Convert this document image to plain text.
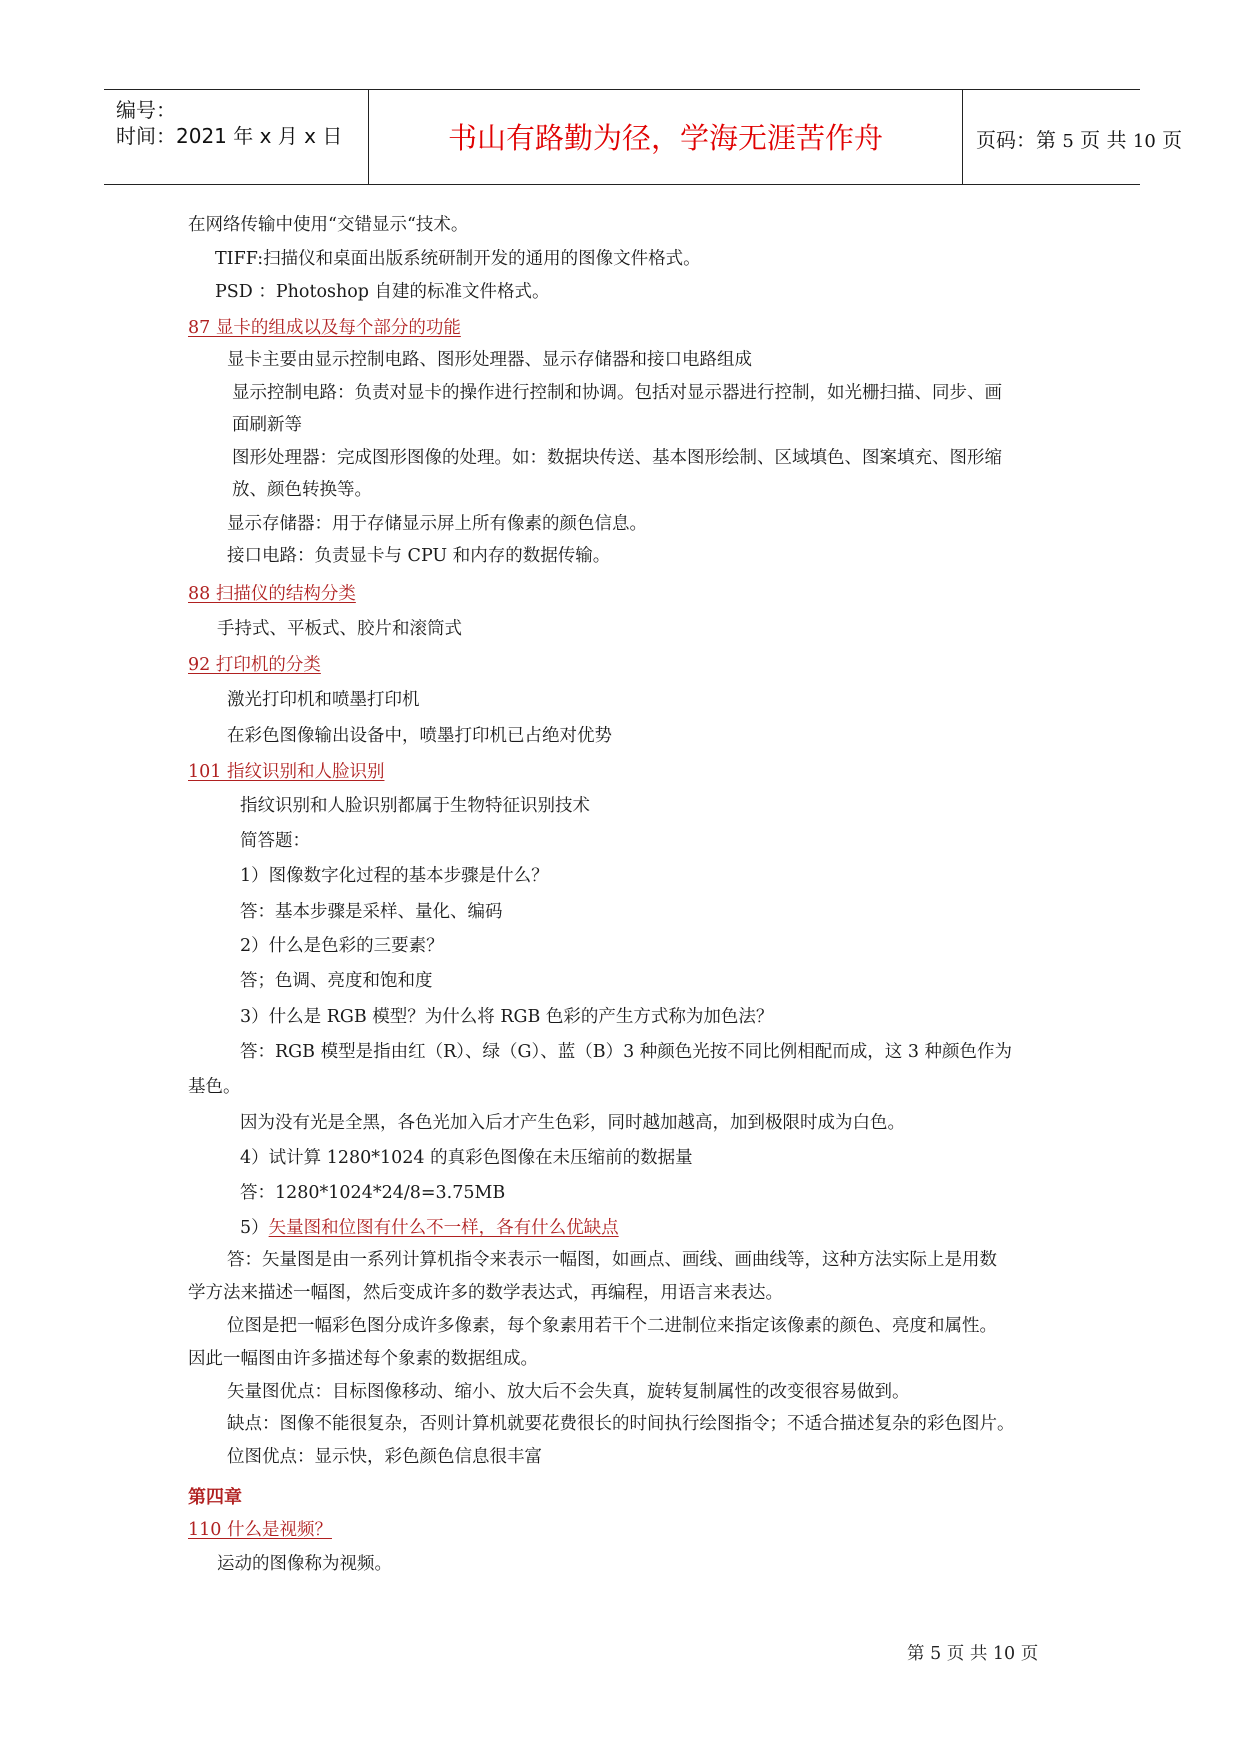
编号：
时间：2021 年 x 月 x 日	书山有路勤为径，学海无涯苦作舟	页码：第 5 页 共 10 页
在网络传输中使用“交错显示“技术。
TIFF:扫描仪和桌面出版系统研制开发的通用的图像文件格式。
PSD ：Photoshop 自建的标准文件格式。
87 显卡的组成以及每个部分的功能
显卡主要由显示控制电路、图形处理器、显示存储器和接口电路组成
显示控制电路：负责对显卡的操作进行控制和协调。包括对显示器进行控制，如光栅扫描、同步、画
面刷新等
图形处理器：完成图形图像的处理。如：数据块传送、基本图形绘制、区域填色、图案填充、图形缩
放、颜色转换等。
显示存储器：用于存储显示屏上所有像素的颜色信息。
接口电路：负责显卡与 CPU 和内存的数据传输。
88 扫描仪的结构分类
手持式、平板式、胶片和滚筒式
92 打印机的分类
激光打印机和喷墨打印机
在彩色图像输出设备中，喷墨打印机已占绝对优势
101 指纹识别和人脸识别
指纹识别和人脸识别都属于生物特征识别技术
简答题：
1）图像数字化过程的基本步骤是什么？
答：基本步骤是采样、量化、编码
2）什么是色彩的三要素？
答；色调、亮度和饱和度
3）什么是 RGB 模型？为什么将 RGB 色彩的产生方式称为加色法？
答：RGB 模型是指由红（R）、绿（G）、蓝（B）3 种颜色光按不同比例相配而成，这 3 种颜色作为
基色。
因为没有光是全黑，各色光加入后才产生色彩，同时越加越高，加到极限时成为白色。
4）试计算 1280*1024 的真彩色图像在未压缩前的数据量
答：1280*1024*24/8=3.75MB
5）矢量图和位图有什么不一样，各有什么优缺点
答：矢量图是由一系列计算机指令来表示一幅图，如画点、画线、画曲线等，这种方法实际上是用数
学方法来描述一幅图，然后变成许多的数学表达式，再编程，用语言来表达。
位图是把一幅彩色图分成许多像素，每个象素用若干个二进制位来指定该像素的颜色、亮度和属性。
因此一幅图由许多描述每个象素的数据组成。
矢量图优点：目标图像移动、缩小、放大后不会失真，旋转复制属性的改变很容易做到。
缺点：图像不能很复杂，否则计算机就要花费很长的时间执行绘图指令；不适合描述复杂的彩色图片。
位图优点：显示快，彩色颜色信息很丰富
第四章
110 什么是视频？
运动的图像称为视频。
第 5 页 共 10 页
